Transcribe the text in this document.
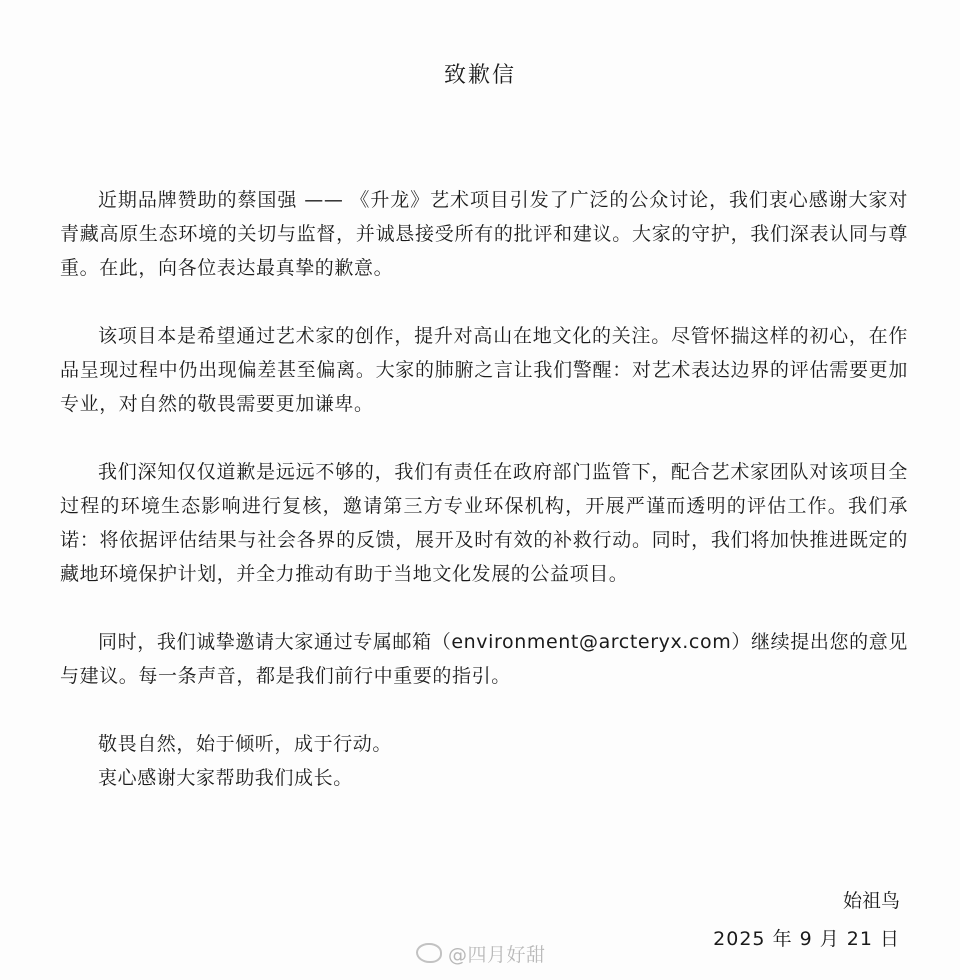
致歉信

近期品牌赞助的蔡国强 —— 《升龙》艺术项目引发了广泛的公众讨论，我们衷心感谢大家对青藏高原生态环境的关切与监督，并诚恳接受所有的批评和建议。大家的守护，我们深表认同与尊重。在此，向各位表达最真挚的歉意。

该项目本是希望通过艺术家的创作，提升对高山在地文化的关注。尽管怀揣这样的初心，在作品呈现过程中仍出现偏差甚至偏离。大家的肺腑之言让我们警醒：对艺术表达边界的评估需要更加专业，对自然的敬畏需要更加谦卑。

我们深知仅仅道歉是远远不够的，我们有责任在政府部门监管下，配合艺术家团队对该项目全过程的环境生态影响进行复核，邀请第三方专业环保机构，开展严谨而透明的评估工作。我们承诺：将依据评估结果与社会各界的反馈，展开及时有效的补救行动。同时，我们将加快推进既定的藏地环境保护计划，并全力推动有助于当地文化发展的公益项目。

同时，我们诚挚邀请大家通过专属邮箱（environment@arcteryx.com）继续提出您的意见与建议。每一条声音，都是我们前行中重要的指引。

敬畏自然，始于倾听，成于行动。
衷心感谢大家帮助我们成长。
始祖鸟
2025 年 9 月 21 日
@四月好甜
